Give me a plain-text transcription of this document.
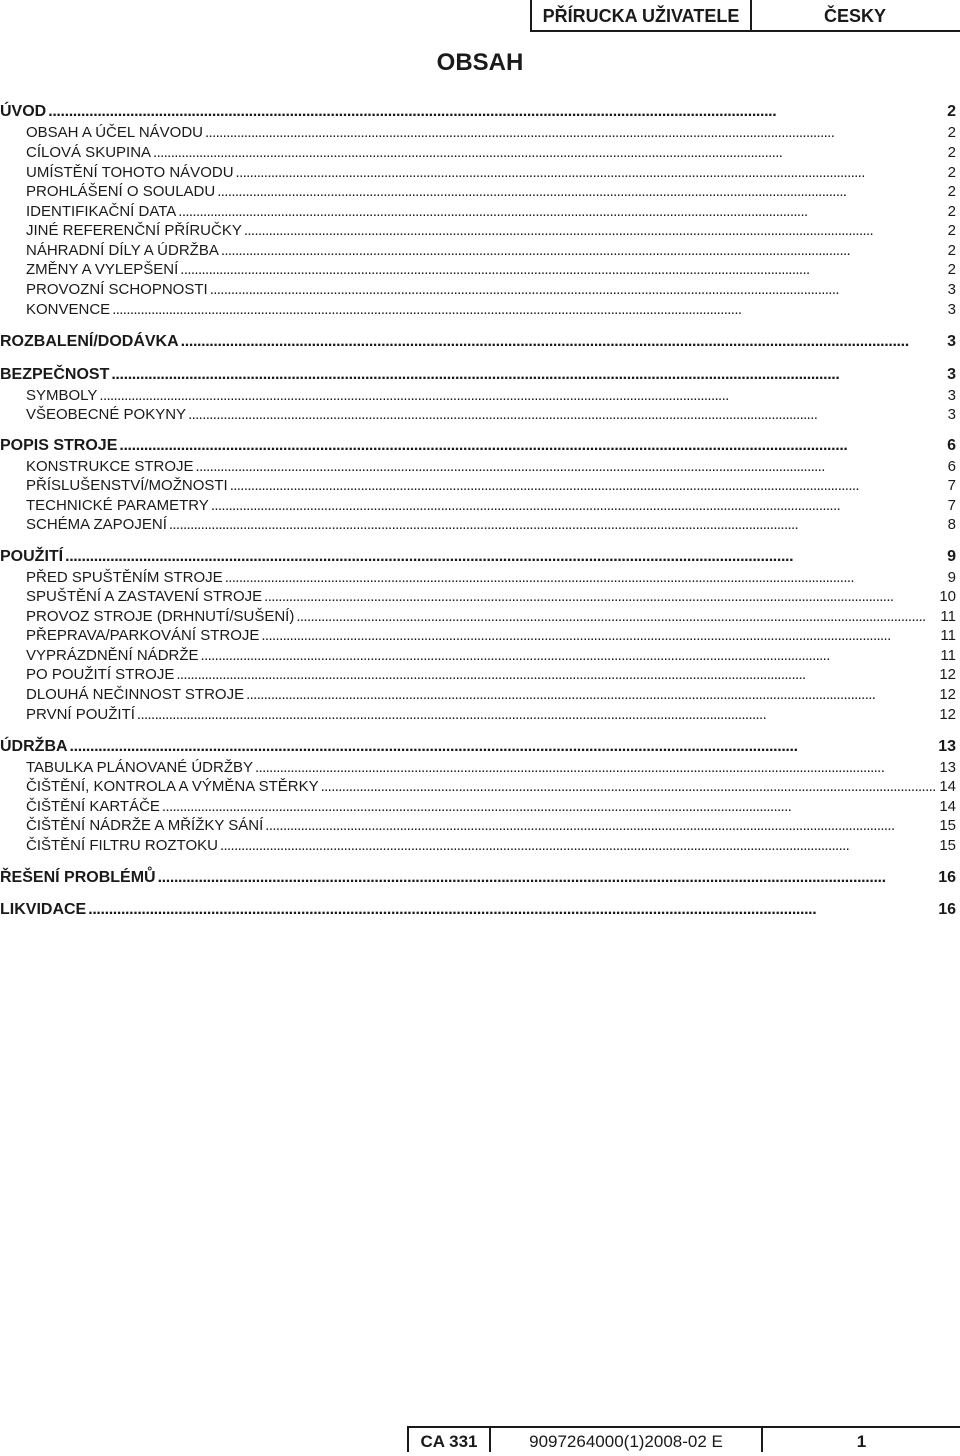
PŘÍRUCKA UŽIVATELE	ČESKY
OBSAH
ÚVOD . . .	2
OBSAH A ÚČEL NÁVODU . . .	2
CÍLOVÁ SKUPINA . . .	2
UMÍSTĚNÍ TOHOTO NÁVODU . . .	2
PROHLÁŠENÍ O SOULADU . . .	2
IDENTIFIKAČNÍ DATA . . .	2
JINÉ REFERENČNÍ PŘÍRUČKY . . .	2
NÁHRADNÍ DÍLY A ÚDRŽBA . . .	2
ZMĚNY A VYLEPŠENÍ . . .	2
PROVOZNÍ SCHOPNOSTI . . .	3
KONVENCE . . .	3
ROZBALENÍ/DODÁVKA . . .	3
BEZPEČNOST . . .	3
SYMBOLY . . .	3
VŠEOBECNÉ POKYNY . . .	3
POPIS STROJE . . .	6
KONSTRUKCE STROJE . . .	6
PŘÍSLUŠENSTVÍ/MOŽNOSTI . . .	7
TECHNICKÉ PARAMETRY . . .	7
SCHÉMA ZAPOJENÍ . . .	8
POUŽITÍ . . .	9
PŘED SPUŠTĚNÍM STROJE . . .	9
SPUŠTĚNÍ A ZASTAVENÍ STROJE . . .	10
PROVOZ STROJE (DRHNUTÍ/SUŠENÍ) . . .	11
PŘEPRAVA/PARKOVÁNÍ STROJE . . .	11
VYPRÁZDNĚNÍ NÁDRŽE . . .	11
PO POUŽITÍ STROJE . . .	12
DLOUHÁ NEČINNOST STROJE . . .	12
PRVNÍ POUŽITÍ . . .	12
ÚDRŽBA . . .	13
TABULKA PLÁNOVANÉ ÚDRŽBY . . .	13
ČIŠTĚNÍ, KONTROLA A VÝMĚNA STĚRKY . . .	14
ČIŠTĚNÍ KARTÁČE . . .	14
ČIŠTĚNÍ NÁDRŽE A MŘÍŽKY SÁNÍ . . .	15
ČIŠTĚNÍ FILTRU ROZTOKU . . .	15
ŘEŠENÍ PROBLÉMŮ . . .	16
LIKVIDACE . . .	16
CA 331	9097264000(1)2008-02 E	1
